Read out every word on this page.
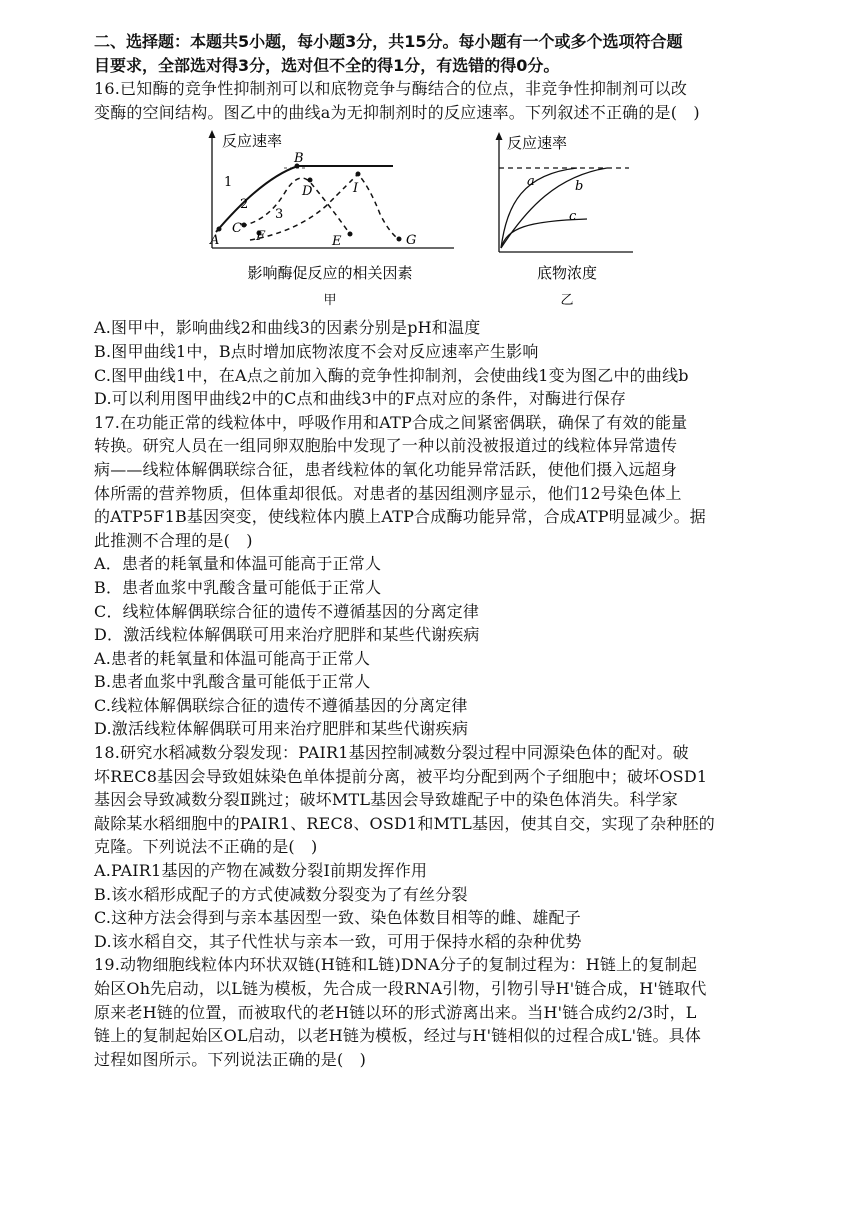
二、选择题：本题共5小题，每小题3分，共15分。每小题有一个或多个选项符合题
目要求，全部选对得3分，选对但不全的得1分，有选错的得0分。
16.已知酶的竞争性抑制剂可以和底物竞争与酶结合的位点，非竞争性抑制剂可以改
变酶的空间结构。图乙中的曲线a为无抑制剂时的反应速率。下列叙述不正确的是(　)
反应速率
1
2
3
A
B
C
D
E
F	G
I
影响酶促反应的相关因素
甲
反应速率
a	b
c
底物浓度
乙
A.图甲中，影响曲线2和曲线3的因素分别是pH和温度
B.图甲曲线1中，B点时增加底物浓度不会对反应速率产生影响
C.图甲曲线1中，在A点之前加入酶的竞争性抑制剂，会使曲线1变为图乙中的曲线b
D.可以利用图甲曲线2中的C点和曲线3中的F点对应的条件，对酶进行保存
17.在功能正常的线粒体中，呼吸作用和ATP合成之间紧密偶联，确保了有效的能量
转换。研究人员在一组同卵双胞胎中发现了一种以前没被报道过的线粒体异常遗传
病——线粒体解偶联综合征，患者线粒体的氧化功能异常活跃，使他们摄入远超身
体所需的营养物质，但体重却很低。对患者的基因组测序显示，他们12号染色体上
的ATP5F1B基因突变，使线粒体内膜上ATP合成酶功能异常，合成ATP明显减少。据
此推测不合理的是(　)
A．患者的耗氧量和体温可能高于正常人
B．患者血浆中乳酸含量可能低于正常人
C．线粒体解偶联综合征的遗传不遵循基因的分离定律
D．激活线粒体解偶联可用来治疗肥胖和某些代谢疾病
A.患者的耗氧量和体温可能高于正常人
B.患者血浆中乳酸含量可能低于正常人
C.线粒体解偶联综合征的遗传不遵循基因的分离定律
D.激活线粒体解偶联可用来治疗肥胖和某些代谢疾病
18.研究水稻减数分裂发现：PAIR1基因控制减数分裂过程中同源染色体的配对。破
坏REC8基因会导致姐妹染色单体提前分离，被平均分配到两个子细胞中；破坏OSD1
基因会导致减数分裂Ⅱ跳过；破坏MTL基因会导致雄配子中的染色体消失。科学家
敲除某水稻细胞中的PAIR1、REC8、OSD1和MTL基因，使其自交，实现了杂种胚的
克隆。下列说法不正确的是(　)
A.PAIR1基因的产物在减数分裂Ⅰ前期发挥作用
B.该水稻形成配子的方式使减数分裂变为了有丝分裂
C.这种方法会得到与亲本基因型一致、染色体数目相等的雌、雄配子
D.该水稻自交，其子代性状与亲本一致，可用于保持水稻的杂种优势
19.动物细胞线粒体内环状双链(H链和L链)DNA分子的复制过程为：H链上的复制起
始区Oh先启动，以L链为模板，先合成一段RNA引物，引物引导H'链合成，H'链取代
原来老H链的位置，而被取代的老H链以环的形式游离出来。当H'链合成约2/3时，L
链上的复制起始区OL启动，以老H链为模板，经过与H'链相似的过程合成L'链。具体
过程如图所示。下列说法正确的是(　)
